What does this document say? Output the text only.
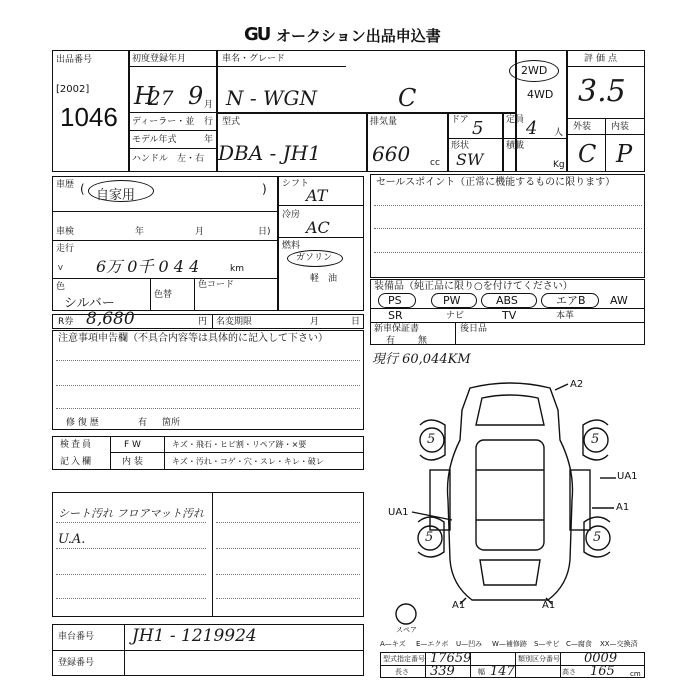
GU オークション出品申込書
出品番号
[2002]
1046
初度登録年月
H
27 9 月
ディーラー・並 行
モデル年式	年
ハンドル　左・右
車名・グレード
N - WGN	C
2WD
4WD
型式
DBA - JH1
排気量
660 cc
ドア 5	定員 4 人
形状
SW
積載
Kg
評価点
3.5
外装 内装
C P
車歴
自家用
(	)
車検	年	月	日)
走行
V 6万 0千 0 4 4	km
色
シルバー
色替
色コード
シフト
AT
冷房
AC
燃料
ガソリン
軽　油
R券 8,680	円 名変期限	月	日
注意事項申告欄（不具合内容等は具体的に記入して下さい）
修 復 歴	有 箇所
セールスポイント（正常に機能するものに限ります）
装備品（純正品に限り○を付けてください）
PS	PW	ABS	エアB AW
SR	ナビ	TV	本革
新車保証書
有	無
後日品
現行 60,044KM
検査員
記入欄
F W	キズ・飛石・ヒビ割・リペア跡・×要
内 装	キズ・汚れ・コゲ・穴・スレ・キレ・破レ
シート汚れ フロアマット汚れ
U.A.
A2
UA1
A1
UA1
A1	A1
スペア
5	5
5	5
車台番号 JH1 - 1219924
登録番号
A—キズ E—エクボ U—凹み W—補修跡 S—サビ C—腐食 XX—交換済
型式指定番号 17659	類別区分番号 0009
長さ 339	幅 147	高さ 165 cm
